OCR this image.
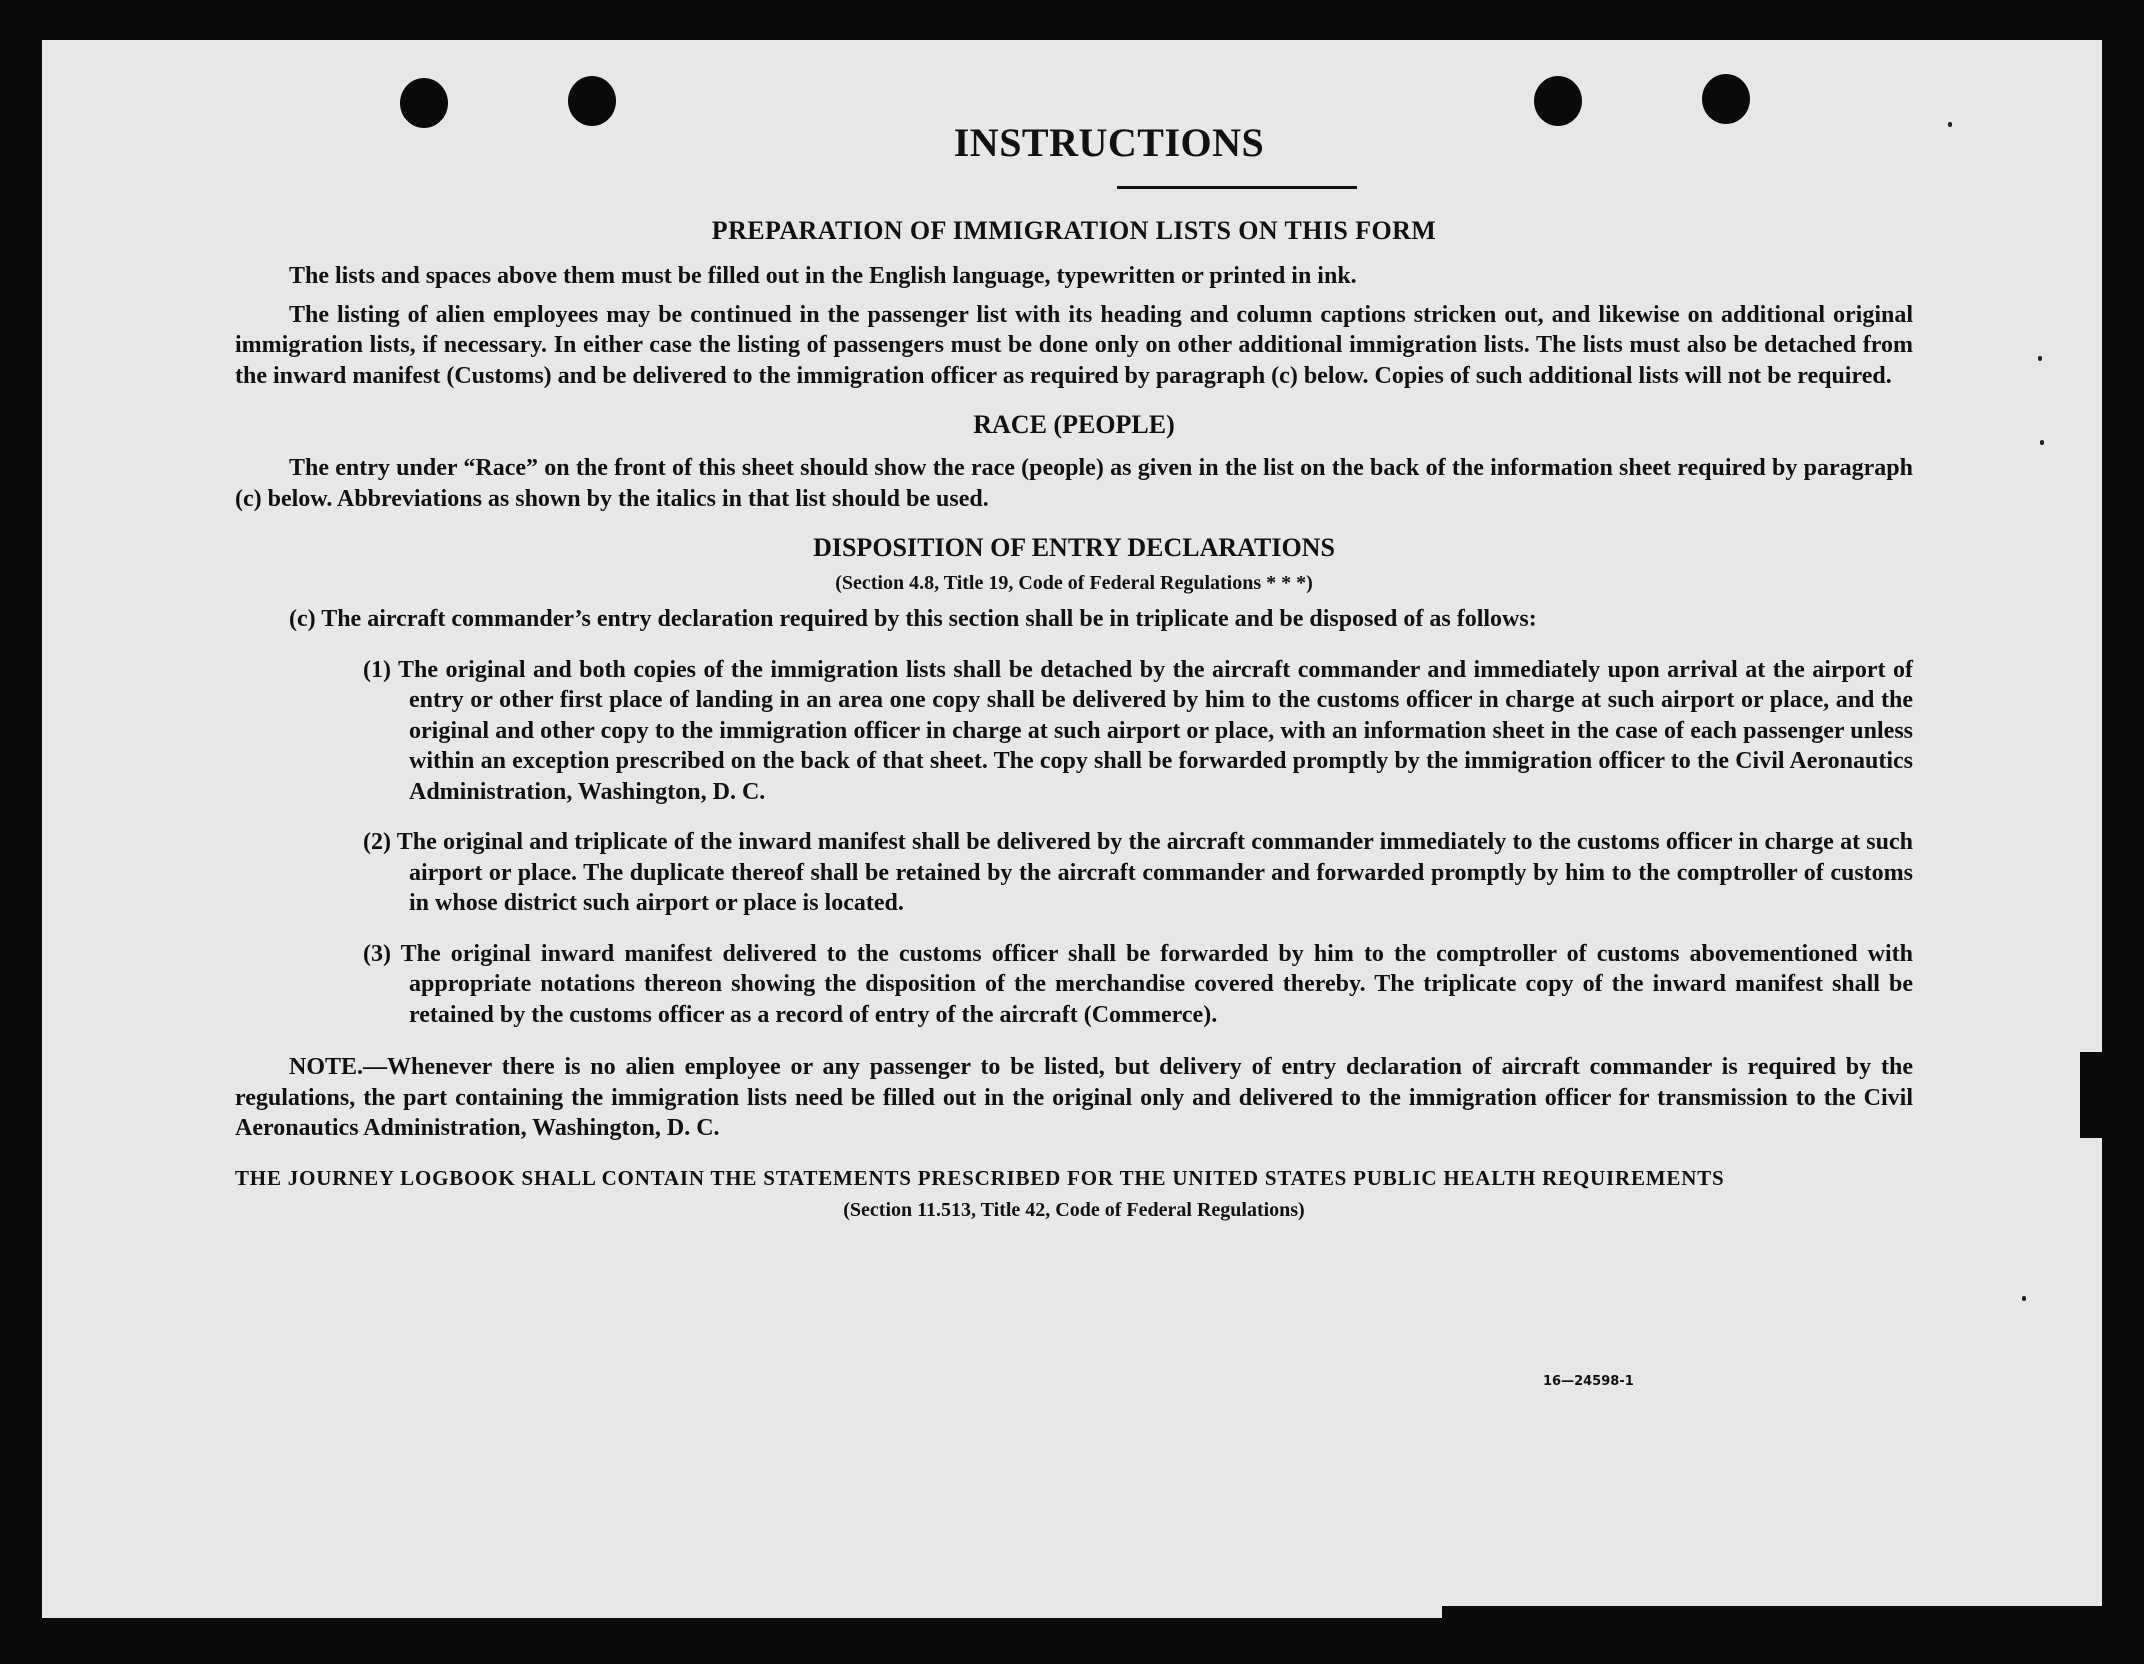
INSTRUCTIONS
PREPARATION OF IMMIGRATION LISTS ON THIS FORM

The lists and spaces above them must be filled out in the English language, typewritten or printed in ink.

The listing of alien employees may be continued in the passenger list with its heading and column captions stricken out, and likewise on additional original immigration lists, if necessary. In either case the listing of passengers must be done only on other additional immigration lists. The lists must also be detached from the inward manifest (Customs) and be delivered to the immigration officer as required by paragraph (c) below. Copies of such additional lists will not be required.

RACE (PEOPLE)

The entry under “Race” on the front of this sheet should show the race (people) as given in the list on the back of the information sheet required by paragraph (c) below. Abbreviations as shown by the italics in that list should be used.

DISPOSITION OF ENTRY DECLARATIONS
(Section 4.8, Title 19, Code of Federal Regulations * * *)

(c) The aircraft commander’s entry declaration required by this section shall be in triplicate and be disposed of as follows:

(1) The original and both copies of the immigration lists shall be detached by the aircraft commander and immediately upon arrival at the airport of entry or other first place of landing in an area one copy shall be delivered by him to the customs officer in charge at such airport or place, and the original and other copy to the immigration officer in charge at such airport or place, with an information sheet in the case of each passenger unless within an exception prescribed on the back of that sheet. The copy shall be forwarded promptly by the immigration officer to the Civil Aeronautics Administration, Washington, D. C.

(2) The original and triplicate of the inward manifest shall be delivered by the aircraft commander immediately to the customs officer in charge at such airport or place. The duplicate thereof shall be retained by the aircraft commander and forwarded promptly by him to the comptroller of customs in whose district such airport or place is located.

(3) The original inward manifest delivered to the customs officer shall be forwarded by him to the comptroller of customs abovementioned with appropriate notations thereon showing the disposition of the merchandise covered thereby. The triplicate copy of the inward manifest shall be retained by the customs officer as a record of entry of the aircraft (Commerce).

NOTE.—Whenever there is no alien employee or any passenger to be listed, but delivery of entry declaration of aircraft commander is required by the regulations, the part containing the immigration lists need be filled out in the original only and delivered to the immigration officer for transmission to the Civil Aeronautics Administration, Washington, D. C.

THE JOURNEY LOGBOOK SHALL CONTAIN THE STATEMENTS PRESCRIBED FOR THE UNITED STATES PUBLIC HEALTH REQUIREMENTS
(Section 11.513, Title 42, Code of Federal Regulations)
16—24598-1
